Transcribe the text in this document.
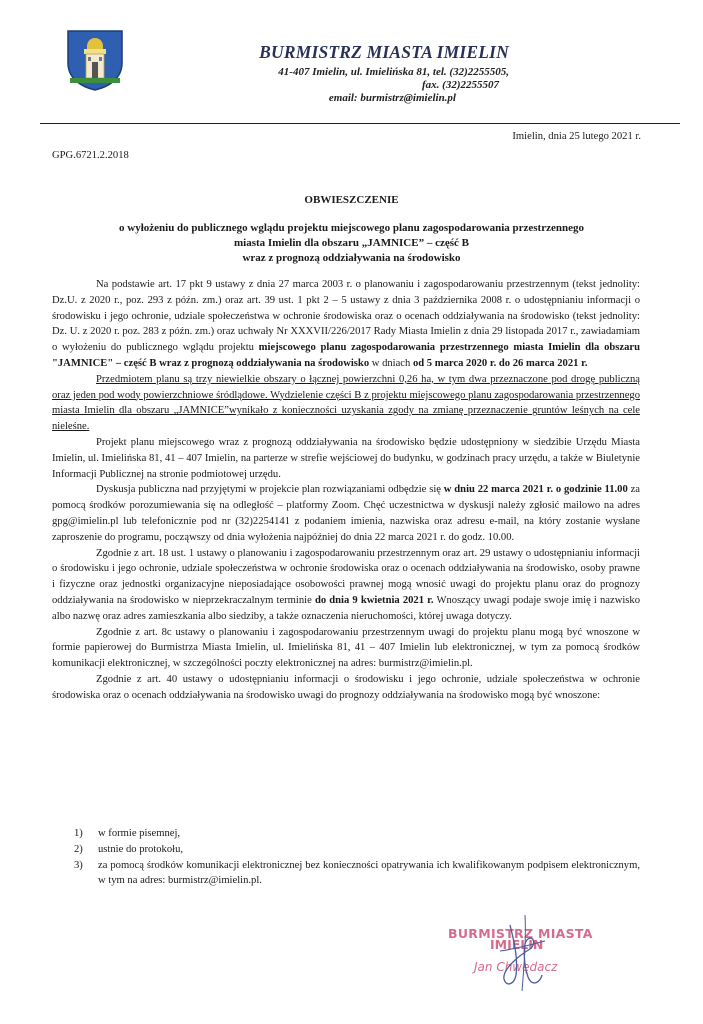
BURMISTRZ MIASTA IMIELIN
41-407 Imielin, ul. Imielińska 81, tel. (32)2255505,
fax. (32)2255507
email: burmistrz@imielin.pl
Imielin, dnia 25 lutego 2021 r.
GPG.6721.2.2018
OBWIESZCZENIE
o wyłożeniu do publicznego wglądu projektu miejscowego planu zagospodarowania przestrzennego
miasta Imielin dla obszaru „JAMNICE” – część B
wraz z prognozą oddziaływania na środowisko

Na podstawie art. 17 pkt 9 ustawy z dnia 27 marca 2003 r. o planowaniu i zagospodarowaniu przestrzennym (tekst jednolity: Dz.U. z 2020 r., poz. 293 z późn. zm.) oraz art. 39 ust. 1 pkt 2 – 5 ustawy z dnia 3 października 2008 r. o udostępnianiu informacji o środowisku i jego ochronie, udziale społeczeństwa w ochronie środowiska oraz o ocenach oddziaływania na środowisko (tekst jednolity: Dz. U. z 2020 r. poz. 283 z późn. zm.) oraz uchwały Nr XXXVII/226/2017 Rady Miasta Imielin z dnia 29 listopada 2017 r., zawiadamiam o wyłożeniu do publicznego wglądu projektu miejscowego planu zagospodarowania przestrzennego miasta Imielin dla obszaru "JAMNICE" – część B wraz z prognozą oddziaływania na środowisko w dniach od 5 marca 2020 r. do 26 marca 2021 r.

Przedmiotem planu są trzy niewielkie obszary o łącznej powierzchni 0,26 ha, w tym dwa przeznaczone pod drogę publiczną oraz jeden pod wody powierzchniowe śródlądowe. Wydzielenie części B z projektu miejscowego planu zagospodarowania przestrzennego miasta Imielin dla obszaru „JAMNICE”wynikało z konieczności uzyskania zgody na zmianę przeznaczenie gruntów leśnych na cele nieleśne.

Projekt planu miejscowego wraz z prognozą oddziaływania na środowisko będzie udostępniony w siedzibie Urzędu Miasta Imielin, ul. Imielińska 81, 41 – 407 Imielin, na parterze w strefie wejściowej do budynku, w godzinach pracy urzędu, a także w Biuletynie Informacji Publicznej na stronie podmiotowej urzędu.

Dyskusja publiczna nad przyjętymi w projekcie plan rozwiązaniami odbędzie się w dniu 22 marca 2021 r. o godzinie 11.00 za pomocą środków porozumiewania się na odległość – platformy Zoom. Chęć uczestnictwa w dyskusji należy zgłosić mailowo na adres gpg@imielin.pl lub telefonicznie pod nr (32)2254141 z podaniem imienia, nazwiska oraz adresu e-mail, na który zostanie wysłane zaproszenie do programu, począwszy od dnia wyłożenia najpóźniej do dnia 22 marca 2021 r. do godz. 10.00.

Zgodnie z art. 18 ust. 1 ustawy o planowaniu i zagospodarowaniu przestrzennym oraz art. 29 ustawy o udostępnianiu informacji o środowisku i jego ochronie, udziale społeczeństwa w ochronie środowiska oraz o ocenach oddziaływania na środowisko, osoby prawne i fizyczne oraz jednostki organizacyjne nieposiadające osobowości prawnej mogą wnosić uwagi do projektu planu oraz do prognozy oddziaływania na środowisko w nieprzekraczalnym terminie do dnia 9 kwietnia 2021 r. Wnoszący uwagi podaje swoje imię i nazwisko albo nazwę oraz adres zamieszkania albo siedziby, a także oznaczenia nieruchomości, której uwaga dotyczy.

Zgodnie z art. 8c ustawy o planowaniu i zagospodarowaniu przestrzennym uwagi do projektu planu mogą być wnoszone w formie papierowej do Burmistrza Miasta Imielin, ul. Imielińska 81, 41 – 407 Imielin lub elektronicznej, w tym za pomocą środków komunikacji elektronicznej, w szczególności poczty elektronicznej na adres: burmistrz@imielin.pl.

Zgodnie z art. 40 ustawy o udostępnianiu informacji o środowisku i jego ochronie, udziale społeczeństwa w ochronie środowiska oraz o ocenach oddziaływania na środowisko uwagi do prognozy oddziaływania na środowisko mogą być wnoszone:

1)	w formie pisemnej,
2)	ustnie do protokołu,
3)	za pomocą środków komunikacji elektronicznej bez konieczności opatrywania ich kwalifikowanym podpisem elektronicznym, w tym na adres: burmistrz@imielin.pl.
BURMISTRZ MIASTA
IMIELIN
Jan Chwędacz
